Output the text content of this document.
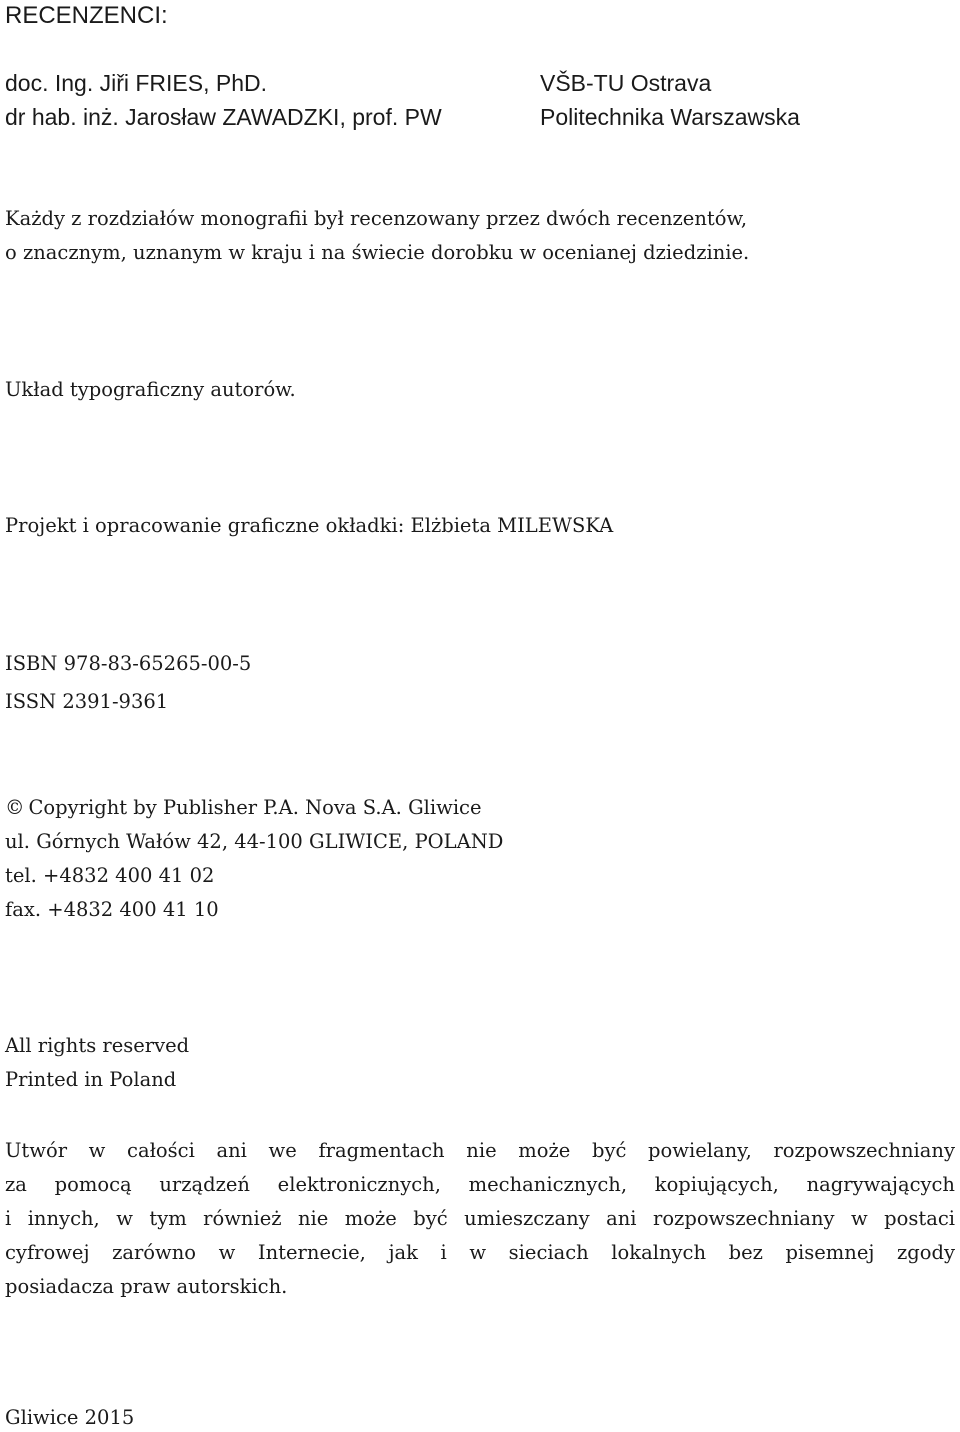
RECENZENCI:
doc. Ing. Jiři FRIES, PhD.	VŠB-TU Ostrava
dr hab. inż. Jarosław ZAWADZKI, prof. PW	Politechnika Warszawska
Każdy z rozdziałów monografii był recenzowany przez dwóch recenzentów,
o znacznym, uznanym w kraju i na świecie dorobku w ocenianej dziedzinie.
Układ typograficzny autorów.
Projekt i opracowanie graficzne okładki: Elżbieta MILEWSKA
ISBN 978-83-65265-00-5
ISSN 2391-9361
© Copyright by Publisher P.A. Nova S.A. Gliwice
ul. Górnych Wałów 42, 44-100 GLIWICE, POLAND
tel. +4832 400 41 02
fax. +4832 400 41 10
All rights reserved
Printed in Poland
Utwór w całości ani we fragmentach nie może być powielany, rozpowszechniany
za pomocą urządzeń elektronicznych, mechanicznych, kopiujących, nagrywających
i innych, w tym również nie może być umieszczany ani rozpowszechniany w postaci
cyfrowej zarówno w Internecie, jak i w sieciach lokalnych bez pisemnej zgody
posiadacza praw autorskich.
Gliwice 2015
